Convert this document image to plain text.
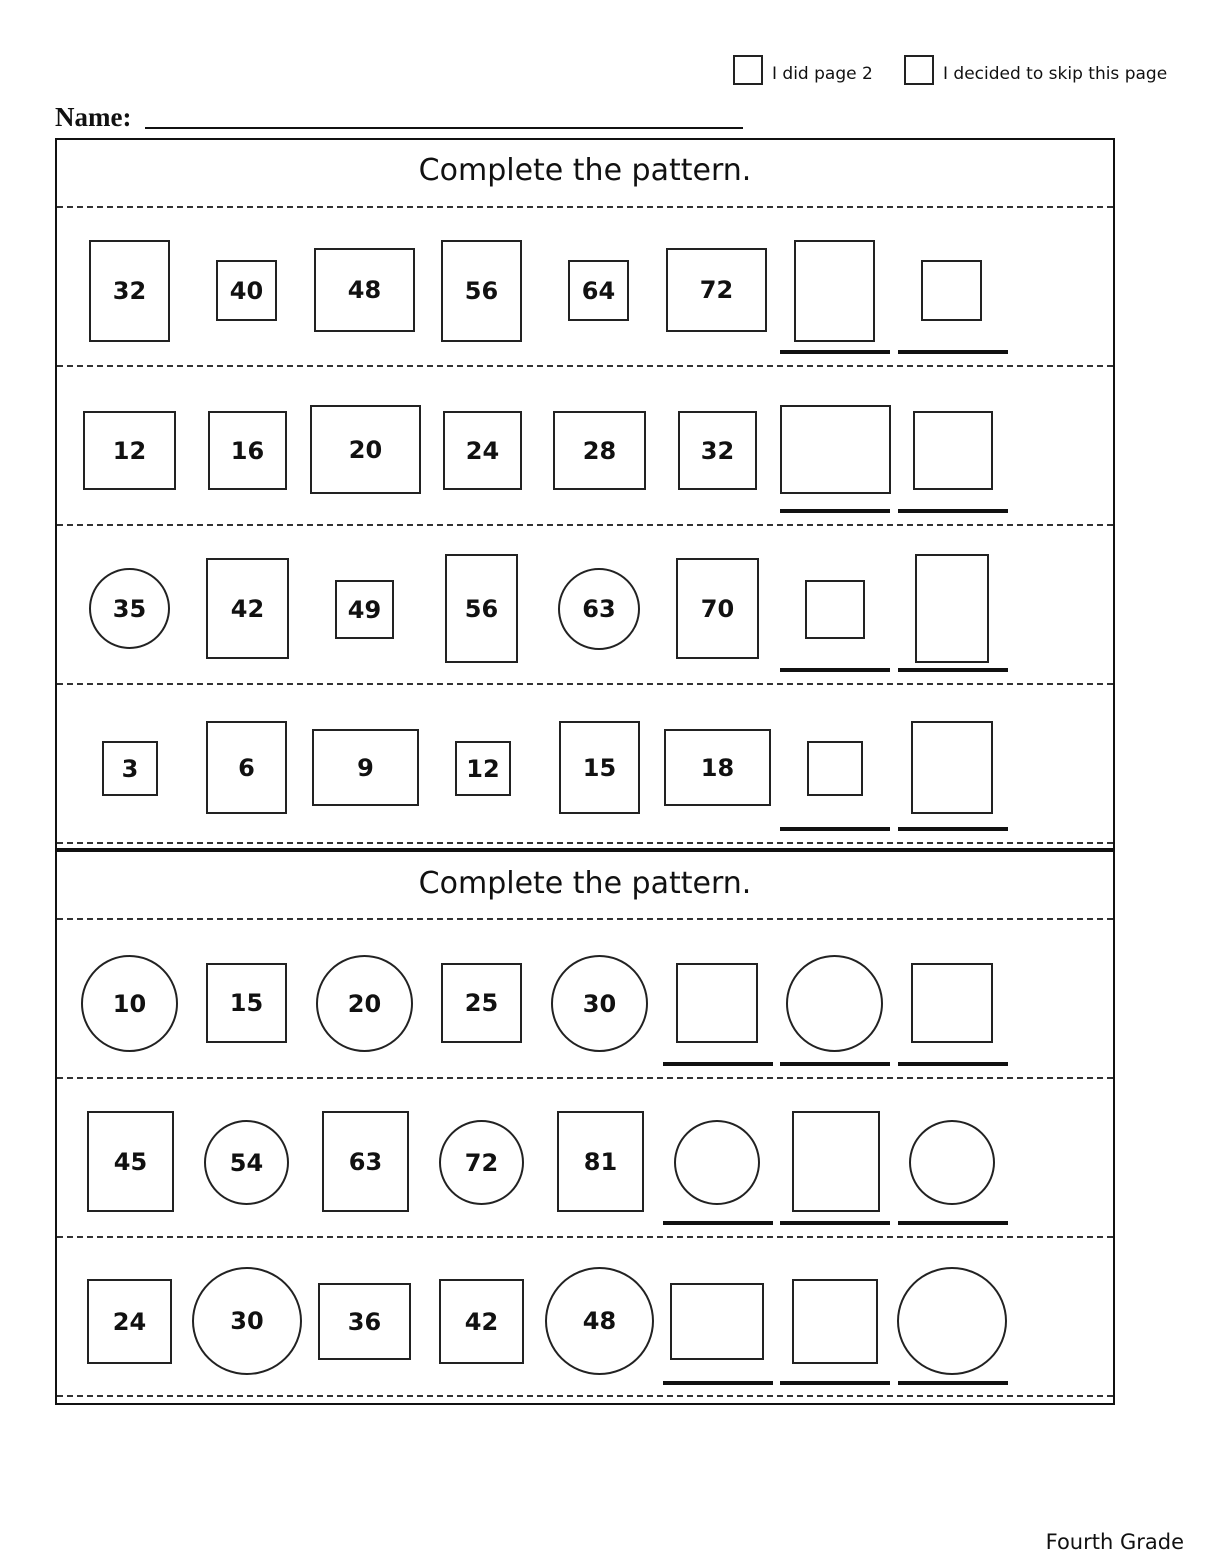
I did page 2	I decided to skip this page
Name:
Complete the pattern.
Complete the pattern.
32	40	48	56	64	72
12	16	20	24	28	32
35	42	49	56	63	70
3	6	9	12	15	18
10	15	20	25	30
45	54	63	72	81
24	30	36	42	48
Fourth Grade
